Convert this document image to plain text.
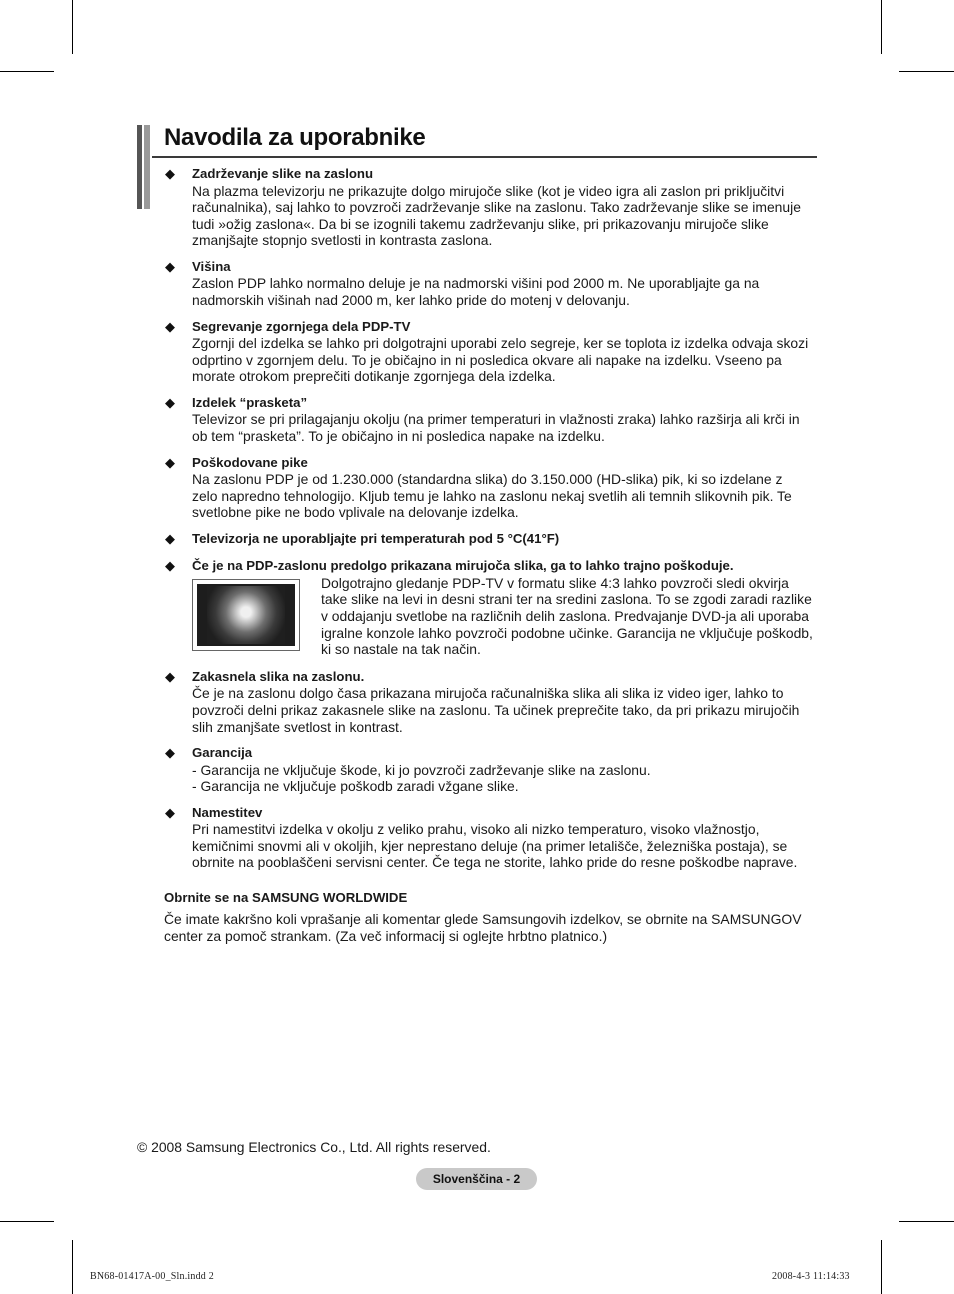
Navodila za uporabnike
◆ Zadrževanje slike na zaslonu
Na plazma televizorju ne prikazujte dolgo mirujoče slike (kot je video igra ali zaslon pri priključitvi
računalnika), saj lahko to povzroči zadrževanje slike na zaslonu. Tako zadrževanje slike se imenuje
tudi »ožig zaslona«. Da bi se izognili takemu zadrževanju slike, pri prikazovanju mirujoče slike
zmanjšajte stopnjo svetlosti in kontrasta zaslona.
◆ Višina
Zaslon PDP lahko normalno deluje je na nadmorski višini pod 2000 m. Ne uporabljajte ga na
nadmorskih višinah nad 2000 m, ker lahko pride do motenj v delovanju.
◆ Segrevanje zgornjega dela PDP-TV
Zgornji del izdelka se lahko pri dolgotrajni uporabi zelo segreje, ker se toplota iz izdelka odvaja skozi
odprtino v zgornjem delu. To je običajno in ni posledica okvare ali napake na izdelku. Vseeno pa
morate otrokom preprečiti dotikanje zgornjega dela izdelka.
◆ Izdelek “prasketa”
Televizor se pri prilagajanju okolju (na primer temperaturi in vlažnosti zraka) lahko razširja ali krči in
ob tem “prasketa”. To je običajno in ni posledica napake na izdelku.
◆ Poškodovane pike
Na zaslonu PDP je od 1.230.000 (standardna slika) do 3.150.000 (HD-slika) pik, ki so izdelane z
zelo napredno tehnologijo. Kljub temu je lahko na zaslonu nekaj svetlih ali temnih slikovnih pik. Te
svetlobne pike ne bodo vplivale na delovanje izdelka.
◆ Televizorja ne uporabljajte pri temperaturah pod 5 °C(41°F)
◆ Če je na PDP-zaslonu predolgo prikazana mirujoča slika, ga to lahko trajno poškoduje.
Dolgotrajno gledanje PDP-TV v formatu slike 4:3 lahko povzroči sledi okvirja
take slike na levi in desni strani ter na sredini zaslona. To se zgodi zaradi razlike
v oddajanju svetlobe na različnih delih zaslona. Predvajanje DVD-ja ali uporaba
igralne konzole lahko povzroči podobne učinke. Garancija ne vključuje poškodb,
ki so nastale na tak način.
◆ Zakasnela slika na zaslonu.
Če je na zaslonu dolgo časa prikazana mirujoča računalniška slika ali slika iz video iger, lahko to
povzroči delni prikaz zakasnele slike na zaslonu. Ta učinek preprečite tako, da pri prikazu mirujočih
slih zmanjšate svetlost in kontrast.
◆ Garancija
- Garancija ne vključuje škode, ki jo povzroči zadrževanje slike na zaslonu.
- Garancija ne vključuje poškodb zaradi vžgane slike.
◆ Namestitev
Pri namestitvi izdelka v okolju z veliko prahu, visoko ali nizko temperaturo, visoko vlažnostjo,
kemičnimi snovmi ali v okoljih, kjer neprestano deluje (na primer letališče, železniška postaja), se
obrnite na pooblaščeni servisni center. Če tega ne storite, lahko pride do resne poškodbe naprave.
Obrnite se na SAMSUNG WORLDWIDE
Če imate kakršno koli vprašanje ali komentar glede Samsungovih izdelkov, se obrnite na SAMSUNGOV
center za pomoč strankam. (Za več informacij si oglejte hrbtno platnico.)
© 2008 Samsung Electronics Co., Ltd. All rights reserved.
Slovenščina - 2
BN68-01417A-00_Sln.indd 2	2008-4-3 11:14:33
